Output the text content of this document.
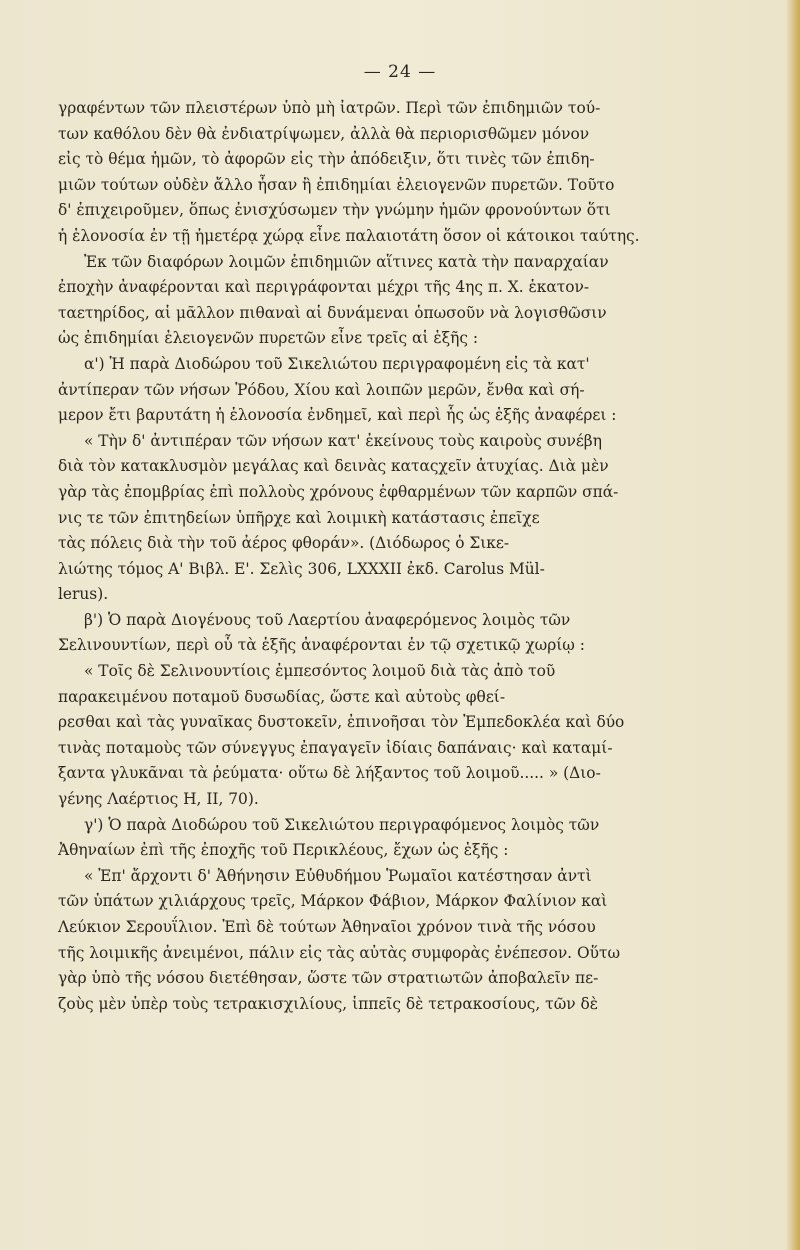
— 24 —
γραφέντων τῶν πλειστέρων ὑπὸ μὴ ἰατρῶν. Περὶ τῶν ἐπιδημιῶν τού-
των καθόλου δὲν θὰ ἐνδιατρίψωμεν, ἀλλὰ θὰ περιορισθῶμεν μόνον
εἰς τὸ θέμα ἡμῶν, τὸ ἀφορῶν εἰς τὴν ἀπόδειξιν, ὅτι τινὲς τῶν ἐπιδη-
μιῶν τούτων οὐδὲν ἄλλο ἦσαν ἢ ἐπιδημίαι ἑλειογενῶν πυρετῶν. Τοῦτο
δ' ἐπιχειροῦμεν, ὅπως ἐνισχύσωμεν τὴν γνώμην ἡμῶν φρονούντων ὅτι
ἡ ἑλονοσία ἐν τῇ ἡμετέρᾳ χώρᾳ εἶνε παλαιοτάτη ὅσον οἱ κάτοικοι ταύτης.
Ἐκ τῶν διαφόρων λοιμῶν ἐπιδημιῶν αἵτινες κατὰ τὴν παναρχαίαν
ἐποχὴν ἀναφέρονται καὶ περιγράφονται μέχρι τῆς 4ης π. Χ. ἑκατον-
ταετηρίδος, αἱ μᾶλλον πιθαναὶ αἱ δυνάμεναι ὁπωσοῦν νὰ λογισθῶσιν
ὡς ἐπιδημίαι ἑλειογενῶν πυρετῶν εἶνε τρεῖς αἱ ἑξῆς :
α') Ἡ παρὰ Διοδώρου τοῦ Σικελιώτου περιγραφομένη εἰς τὰ κατ'
ἀντίπεραν τῶν νήσων Ῥόδου, Χίου καὶ λοιπῶν μερῶν, ἔνθα καὶ σή-
μερον ἔτι βαρυτάτη ἡ ἑλονοσία ἐνδημεῖ, καὶ περὶ ἧς ὡς ἑξῆς ἀναφέρει :
« Τὴν δ' ἀντιπέραν τῶν νήσων κατ' ἐκείνους τοὺς καιροὺς συνέβη
διὰ τὸν κατακλυσμὸν μεγάλας καὶ δεινὰς καταςχεῖν ἀτυχίας. Διὰ μὲν
γὰρ τὰς ἐπομβρίας ἐπὶ πολλοὺς χρόνους ἐφθαρμένων τῶν καρπῶν σπά-
νις τε τῶν ἐπιτηδείων ὑπῆρχε καὶ λοιμικὴ κατάστασις ἐπεῖχε
τὰς πόλεις διὰ τὴν τοῦ ἀέρος φθοράν». (Διόδωρος ὁ Σικε-
λιώτης τόμος Α' Βιβλ. Ε'. Σελὶς 306, LXXXII ἐκδ. Carolus Mül-
lerus).
β') Ὁ παρὰ Διογένους τοῦ Λαερτίου ἀναφερόμενος λοιμὸς τῶν
Σελινουντίων, περὶ οὗ τὰ ἑξῆς ἀναφέρονται ἐν τῷ σχετικῷ χωρίῳ :
« Τοῖς δὲ Σελινουντίοις ἐμπεσόντος λοιμοῦ διὰ τὰς ἀπὸ τοῦ
παρακειμένου ποταμοῦ δυσωδίας, ὥστε καὶ αὐτοὺς φθεί-
ρεσθαι καὶ τὰς γυναῖκας δυστοκεῖν, ἐπινοῆσαι τὸν Ἐμπεδοκλέα καὶ δύο
τινὰς ποταμοὺς τῶν σύνεγγυς ἐπαγαγεῖν ἰδίαις δαπάναις· καὶ καταμί-
ξαντα γλυκᾶναι τὰ ῥεύματα· οὕτω δὲ λήξαντος τοῦ λοιμοῦ..... » (Διο-
γένης Λαέρτιος Η, ΙΙ, 70).
γ') Ὁ παρὰ Διοδώρου τοῦ Σικελιώτου περιγραφόμενος λοιμὸς τῶν
Ἀθηναίων ἐπὶ τῆς ἐποχῆς τοῦ Περικλέους, ἔχων ὡς ἑξῆς :
« Ἐπ' ἄρχοντι δ' Ἀθήνησιν Εὐθυδήμου Ῥωμαῖοι κατέστησαν ἀντὶ
τῶν ὑπάτων χιλιάρχους τρεῖς, Μάρκον Φάβιον, Μάρκον Φαλίνιον καὶ
Λεύκιον Σερουΐλιον. Ἐπὶ δὲ τούτων Ἀθηναῖοι χρόνον τινὰ τῆς νόσου
τῆς λοιμικῆς ἀνειμένοι, πάλιν εἰς τὰς αὐτὰς συμφορὰς ἐνέπεσον. Οὕτω
γὰρ ὑπὸ τῆς νόσου διετέθησαν, ὥστε τῶν στρατιωτῶν ἀποβαλεῖν πε-
ζοὺς μὲν ὑπὲρ τοὺς τετρακισχιλίους, ἱππεῖς δὲ τετρακοσίους, τῶν δὲ
